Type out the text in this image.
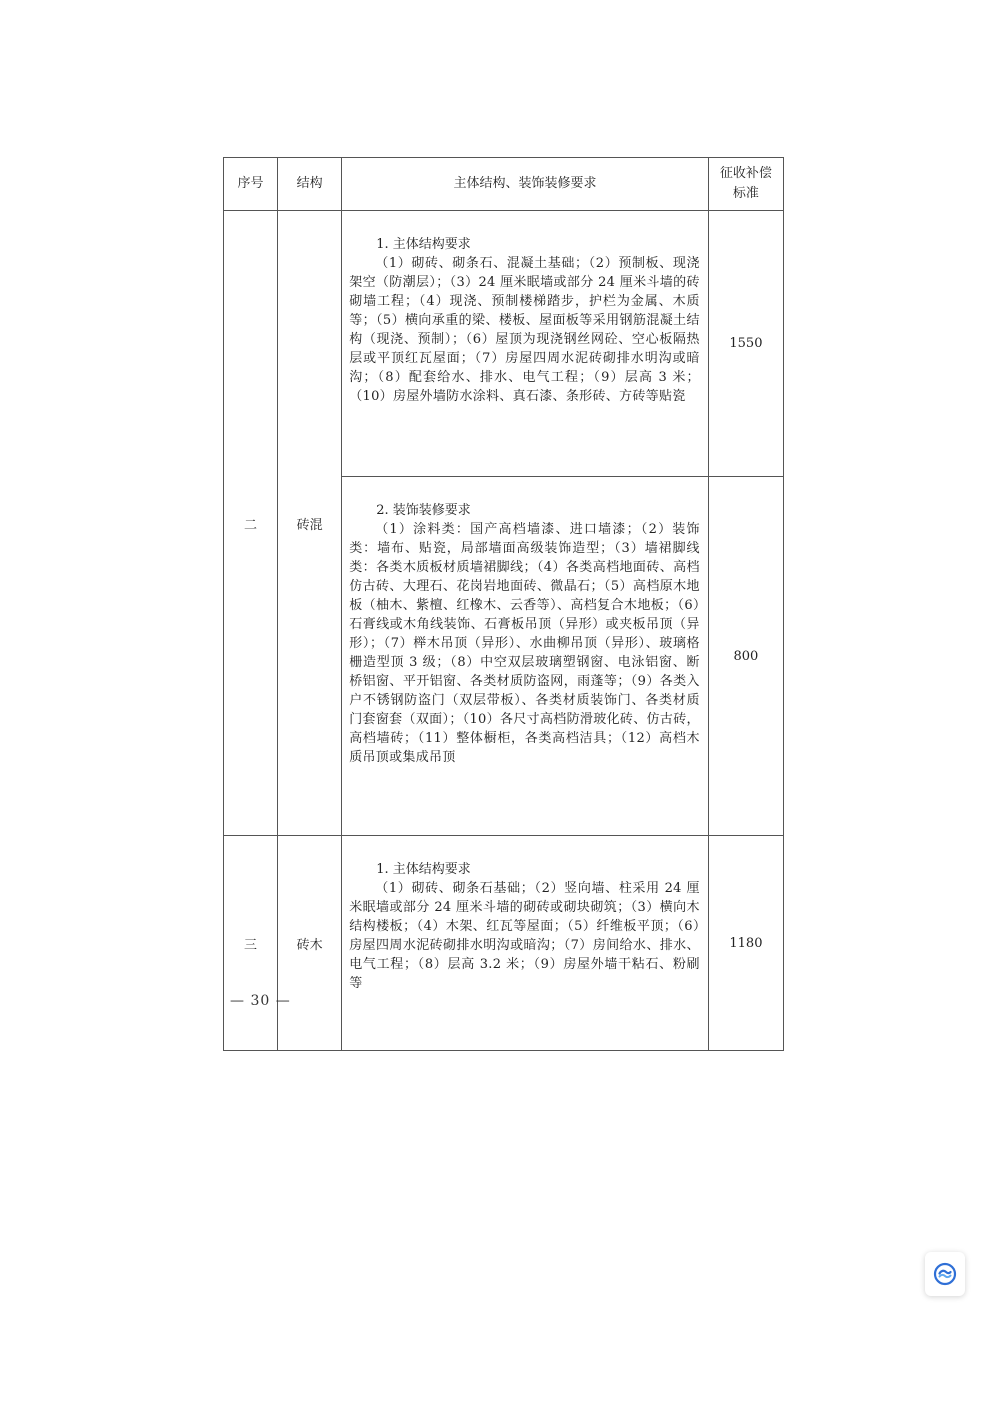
序号	结构	主体结构、装饰装修要求	征收补偿
标准
二	砖混	1. 主体结构要求
（1）砌砖、砌条石、混凝土基础；（2）预制板、现浇架空（防潮层）；（3）24 厘米眠墙或部分 24 厘米斗墙的砖砌墙工程；（4）现浇、预制楼梯踏步，护栏为金属、木质等；（5）横向承重的梁、楼板、屋面板等采用钢筋混凝土结构（现浇、预制）；（6）屋顶为现浇钢丝网砼、空心板隔热层或平顶红瓦屋面；（7）房屋四周水泥砖砌排水明沟或暗沟；（8）配套给水、排水、电气工程；（9）层高 3 米；（10）房屋外墙防水涂料、真石漆、条形砖、方砖等贴瓷	1550

		2. 装饰装修要求
（1）涂料类：国产高档墙漆、进口墙漆；（2）装饰类：墙布、贴瓷，局部墙面高级装饰造型；（3）墙裙脚线类：各类木质板材质墙裙脚线；（4）各类高档地面砖、高档仿古砖、大理石、花岗岩地面砖、微晶石；（5）高档原木地板（柚木、紫檀、红橡木、云香等）、高档复合木地板；（6）石膏线或木角线装饰、石膏板吊顶（异形）或夹板吊顶（异形）；（7）榉木吊顶（异形）、水曲柳吊顶（异形）、玻璃格栅造型顶 3 级；（8）中空双层玻璃塑钢窗、电泳铝窗、断桥铝窗、平开铝窗、各类材质防盗网，雨蓬等；（9）各类入户不锈钢防盗门（双层带板）、各类材质装饰门、各类材质门套窗套（双面）；（10）各尺寸高档防滑玻化砖、仿古砖，高档墙砖；（11）整体橱柜，各类高档洁具；（12）高档木质吊顶或集成吊顶	800
三	砖木	1. 主体结构要求
（1）砌砖、砌条石基础；（2）竖向墙、柱采用 24 厘米眠墙或部分 24 厘米斗墙的砌砖或砌块砌筑；（3）横向木结构楼板；（4）木架、红瓦等屋面；（5）纤维板平顶；（6）房屋四周水泥砖砌排水明沟或暗沟；（7）房间给水、排水、电气工程；（8）层高 3.2 米；（9）房屋外墙干粘石、粉刷等	1180
— 30 —
